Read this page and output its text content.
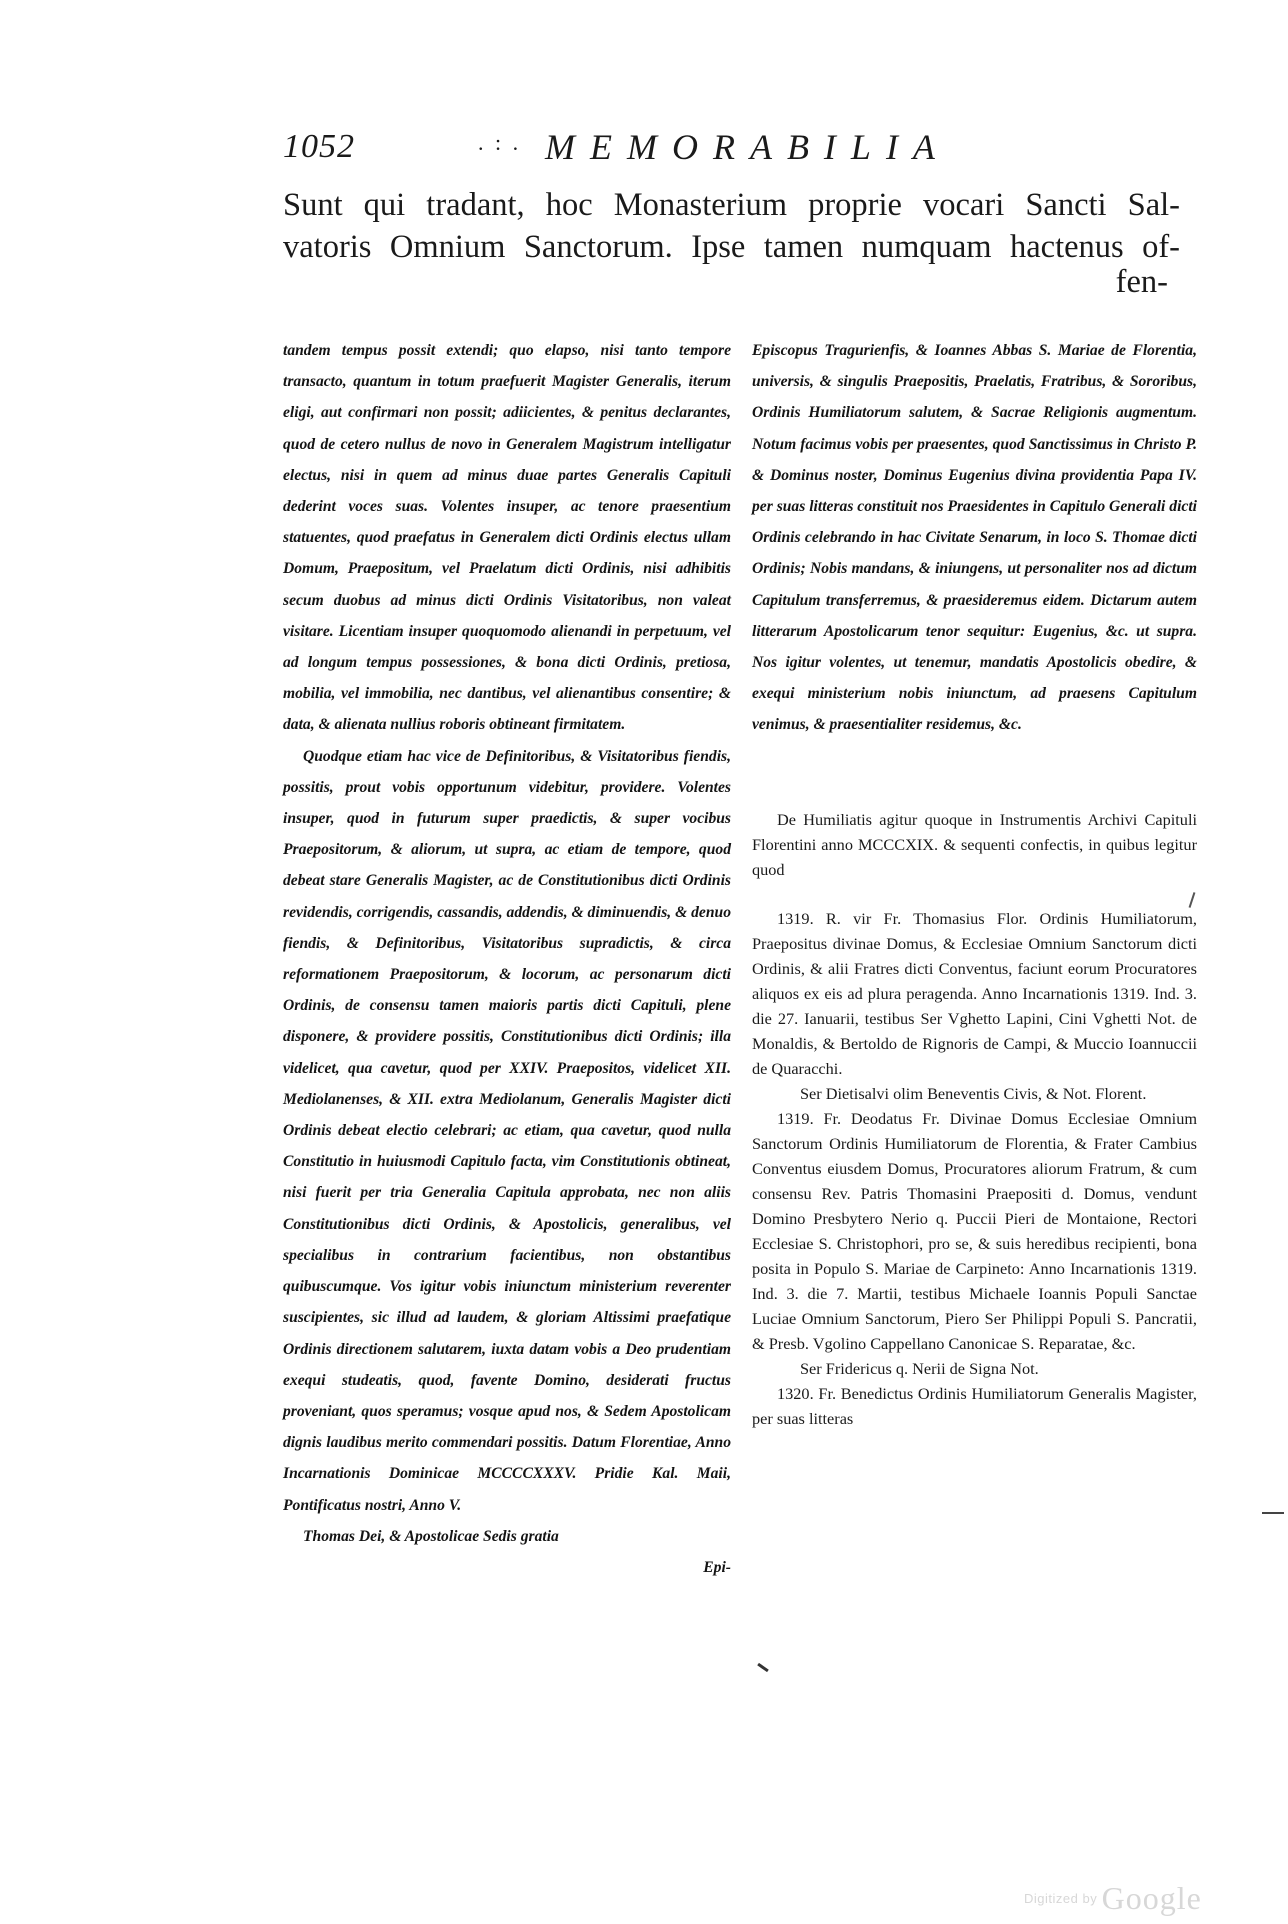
1052	. : . MEMORABILIA
Sunt qui tradant, hoc Monasterium proprie vocari Sancti Sal-
vatoris Omnium Sanctorum. Ipse tamen numquam hactenus of-
fen-

tandem tempus possit extendi; quo elapso, nisi tanto tempore transacto, quantum in totum praefuerit Magister Generalis, iterum eligi, aut confirmari non possit; adiicientes, & penitus declarantes, quod de cetero nullus de novo in Generalem Magistrum intelligatur electus, nisi in quem ad minus duae partes Generalis Capituli dederint voces suas. Volentes insuper, ac tenore praesentium statuentes, quod praefatus in Generalem dicti Ordinis electus ullam Domum, Praepositum, vel Praelatum dicti Ordinis, nisi adhibitis secum duobus ad minus dicti Ordinis Visitatoribus, non valeat visitare. Licentiam insuper quoquomodo alienandi in perpetuum, vel ad longum tempus possessiones, & bona dicti Ordinis, pretiosa, mobilia, vel immobilia, nec dantibus, vel alienantibus consentire; & data, & alienata nullius roboris obtineant firmitatem.

Quodque etiam hac vice de Definitoribus, & Visitatoribus fiendis, possitis, prout vobis opportunum videbitur, providere. Volentes insuper, quod in futurum super praedictis, & super vocibus Praepositorum, & aliorum, ut supra, ac etiam de tempore, quod debeat stare Generalis Magister, ac de Constitutionibus dicti Ordinis revidendis, corrigendis, cassandis, addendis, & diminuendis, & denuo fiendis, & Definitoribus, Visitatoribus supradictis, & circa reformationem Praepositorum, & locorum, ac personarum dicti Ordinis, de consensu tamen maioris partis dicti Capituli, plene disponere, & providere possitis, Constitutionibus dicti Ordinis; illa videlicet, qua cavetur, quod per XXIV. Praepositos, videlicet XII. Mediolanenses, & XII. extra Mediolanum, Generalis Magister dicti Ordinis debeat electio celebrari; ac etiam, qua cavetur, quod nulla Constitutio in huiusmodi Capitulo facta, vim Constitutionis obtineat, nisi fuerit per tria Generalia Capitula approbata, nec non aliis Constitutionibus dicti Ordinis, & Apostolicis, generalibus, vel specialibus in contrarium facientibus, non obstantibus quibuscumque. Vos igitur vobis iniunctum ministerium reverenter suscipientes, sic illud ad laudem, & gloriam Altissimi praefatique Ordinis directionem salutarem, iuxta datam vobis a Deo prudentiam exequi studeatis, quod, favente Domino, desiderati fructus proveniant, quos speramus; vosque apud nos, & Sedem Apostolicam dignis laudibus merito commendari possitis. Datum Florentiae, Anno Incarnationis Dominicae MCCCCXXXV. Pridie Kal. Maii, Pontificatus nostri, Anno V.

Thomas Dei, & Apostolicae Sedis gratia

Epi-

Episcopus Tragurienfis, & Ioannes Abbas S. Mariae de Florentia, universis, & singulis Praepositis, Praelatis, Fratribus, & Sororibus, Ordinis Humiliatorum salutem, & Sacrae Religionis augmentum. Notum facimus vobis per praesentes, quod Sanctissimus in Christo P. & Dominus noster, Dominus Eugenius divina providentia Papa IV. per suas litteras constituit nos Praesidentes in Capitulo Generali dicti Ordinis celebrando in hac Civitate Senarum, in loco S. Thomae dicti Ordinis; Nobis mandans, & iniungens, ut personaliter nos ad dictum Capitulum transferremus, & praesideremus eidem. Dictarum autem litterarum Apostolicarum tenor sequitur: Eugenius, &c. ut supra. Nos igitur volentes, ut tenemur, mandatis Apostolicis obedire, & exequi ministerium nobis iniunctum, ad praesens Capitulum venimus, & praesentialiter residemus, &c.

De Humiliatis agitur quoque in Instrumentis Archivi Capituli Florentini anno MCCCXIX. & sequenti confectis, in quibus legitur quod

1319. R. vir Fr. Thomasius Flor. Ordinis Humiliatorum, Praepositus divinae Domus, & Ecclesiae Omnium Sanctorum dicti Ordinis, & alii Fratres dicti Conventus, faciunt eorum Procuratores aliquos ex eis ad plura peragenda. Anno Incarnationis 1319. Ind. 3. die 27. Ianuarii, testibus Ser Vghetto Lapini, Cini Vghetti Not. de Monaldis, & Bertoldo de Rignoris de Campi, & Muccio Ioannuccii de Quaracchi.

Ser Dietisalvi olim Beneventis Civis, & Not. Florent.

1319. Fr. Deodatus Fr. Divinae Domus Ecclesiae Omnium Sanctorum Ordinis Humiliatorum de Florentia, & Frater Cambius Conventus eiusdem Domus, Procuratores aliorum Fratrum, & cum consensu Rev. Patris Thomasini Praepositi d. Domus, vendunt Domino Presbytero Nerio q. Puccii Pieri de Montaione, Rectori Ecclesiae S. Christophori, pro se, & suis heredibus recipienti, bona posita in Populo S. Mariae de Carpineto: Anno Incarnationis 1319. Ind. 3. die 7. Martii, testibus Michaele Ioannis Populi Sanctae Luciae Omnium Sanctorum, Piero Ser Philippi Populi S. Pancratii, & Presb. Vgolino Cappellano Canonicae S. Reparatae, &c.

Ser Fridericus q. Nerii de Signa Not.

1320. Fr. Benedictus Ordinis Humiliatorum Generalis Magister, per suas litteras

Digitized by Google
